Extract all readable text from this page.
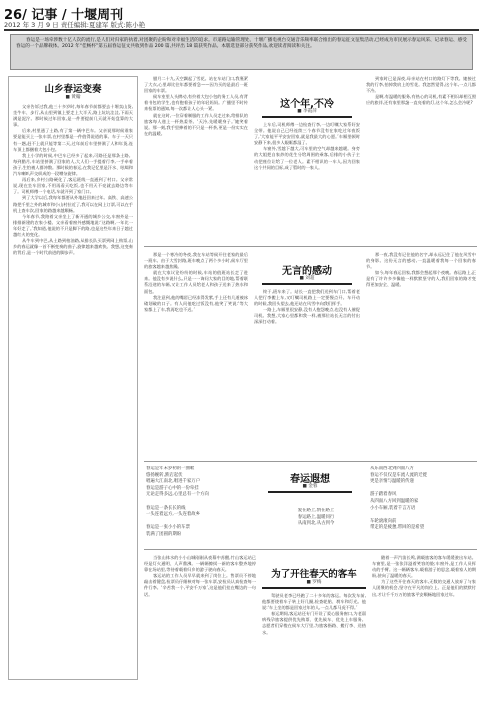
26/ 记事 / 十堰周刊
2012 年 3 月 9 日 责任编辑:夏建军 版式:陈小艳

春运是一场牵涉数十亿人次的流行,是人们对归家的执着,对团聚的企盼和对幸福生活的追求。市道路运输管理处、十堰广播电视台交通音乐频率联合推出的春运征文征集活动,已经成为市民展示春运风采、记录春运、感受春运的一个品牌载体。2012 年“佳畅杯”第五届春运征文共收到作品 200 篇,共评出 18 篇获奖作品。本版选登部分获奖作品,欢迎读者阅读和关注。

山乡春运变奏
■ 黄翰

父亲告诉过我,他三十多岁时,每年春节前都要去十堰卖山货,坐牛车、步行,从山里到镇上要走上大半天,路上坑坑洼洼,下雨天满是泥泞。那时候过年回家,是一件要提前几天就开始盘算的大事。

后来,村里通了土路,有了第一辆中巴车。父亲说那时候谁家要是能买上一张车票,在村里都是一件值得说道的事。车子一天只有一趟,赶不上就只能等第二天,过年前后车里挤满了人和年货,连车顶上都捆着大包小包。

我上小学的时候,中巴车已经多了起来,可路还是那条土路。每到腊月,车站里挤满了回家的人,大人们一手提着行李,一手牵着孩子,生怕被人群冲散。那时候的春运,在我记忆里是汗水、吆喝和汽车喇叭声交织成的一段嘈杂旋律。

再后来,乡村公路硬化了,客运班线一直通到了村口。父亲常说,现在坐车回家,不用再看天吃饭,也不用天不亮就去路边等车了。司机师傅一个电话,车就开到了家门口。

到了大学以后,我每年都要从外地赶回来过年。高铁、高速公路把千里之外的城市和小山村拉近了,我可以在网上订票,可以在手机上查车次,回家的路越来越顺畅。

今年春节,我陪着父亲坐上了新开通的城乡公交,车窗外是一排排新建的农家小楼。父亲看着窗外感慨地说:‘这路啊,一年比一年好走了。’我知道,他说的不只是脚下的路,也是这些年来日子越过越红火的变化。

从牛车到中巴,从土路到柏油路,从排长队买票到网上购票,山乡的春运就像一首不断变奏的曲子,旋律越来越欢快。我想,这变奏的背后,是一个时代前进的脚步声。

腊月二十九,天空飘起了雪花。站在车站门口,我裹紧了大衣,心里却比往年都要着急——因为买的是最后一班回家的车票。

候车室里人头攒动,有拎着大包小包的务工人员,有背着书包的学生,也有抱着孩子的年轻妈妈。广播里不时传来检票的通知,每一次都让人心头一紧。

就在这时,一位穿着制服的工作人员走过来,给排队的旅客每人递上一杯热姜茶。‘天冷,先暖暖身子。’她笑着说。那一刻,我手里捧着的不只是一杯茶,更是一份实实在在的温暖。

这个年,不冷
■ 李霞萍

上车后,司机师傅一边检查行李,一边叮嘱大家系好安全带。他说自己已经连续三个春节没有在家吃过年夜饭了,‘大家能平平安安回家,就是我最大的心愿。’车厢里顿时安静下来,很多人眼眶都湿了。

车窗外,雪越下越大,可车里的空气却越来越暖。身旁的大姐把自家炒的花生分给周围的乘客,后排的小伙子主动把座位让给了一位老人。素不相识的一车人,因为回家这个共同的目标,成了暂时的一家人。

到家时已是深夜,母亲站在村口的路灯下等我。她接过我的行李,拍掉我肩上的雪花。我忽然觉得,这个年,一点儿都不冷。

是啊,有温暖的服务,有热心的司机,有素不相识却相互照应的旅伴,还有家里那盏一直亮着的灯,这个年,怎么会冷呢?

那是一个寒冷的冬夜,我在车站等候开往老家的最后一班车。由于大雪封路,班车晚点了两个多小时,候车厅里的旅客越来越焦躁。

就在大家议论纷纷的时候,车站的值班站长走了进来。他没有多说什么,只是一一询问大家的目的地,帮着联系沿途的车辆,又让工作人员给老人和孩子送来了热水和面包。

我注意到,他的嘴唇已经冻得发紫,手上还有几道被冰碴划破的口子。有人问他吃过饭没有,他笑了笑说:‘等大家都上了车,我再吃也不迟。’

无言的感动
■ 刘超

终于,班车来了。站长一直把我们送到车门口,帮着老人把行李搬上车,又叮嘱司机路上一定要慢点开。车开动的时候,我回头望去,他还站在风雪中向我们挥手。

一路上,车厢里很安静,没有人抱怨晚点,也没有人催促司机。我想,大家心里都和我一样,被那位站长无言的付出深深打动着。

那一夜,我没有记住他的名字,却永远记住了他在风雪中的身影。这份无言的感动,一直温暖着我每一个回家的春节。

如今,每年春运回家,我都会想起那个夜晚。春运路上,正是有了许许多多像他一样默默坚守的人,我们回家的路才变得更加安全、温暖。

春运是年末岁初的一曲歌
悠扬婉转,跌宕起伏
唱遍大江南北,唱进千家万户
春运是游子心中的一份牵挂
无论走得多远,心里总有一个方向
春运是一条长长的线
一头连着远方,一头连着故乡
春运是一张小小的车票
装满了团圆的期盼
春运遐想
■ 金蓉
爱在路上,情在路上
春运路上,温暖同行
从南到北,从古到今
从东南西北到四面八方
春运不仅仅是车流人流的迁徙
更是亲情与温暖的传递
游子踏着春风
从四面八方回到温暖的家
小小车厢,装着千言万语
车轮滚滚向前
带走的是疲惫,带回的是希望

当张山体水的小小山城刚刚从夜幕中苏醒,竹山客运站已经是灯火通明、人声鼎沸。一辆辆擦拭一新的客车整齐地停靠在场站里,等待着载着归乡的游子驶向春天。

客运站的工作人员早早就来到了岗位上。售票员不停地敲击着键盘,检票员仔细核对每一张车票,安检员认真检查每一件行李。‘辛苦我一个,平安千万家’,这是他们挂在嘴边的一句话。

为了开往春天的客车
■ 罗梅

驾驶员老李已经跑了二十多年的客运。每次发车前,他都要绕着车子转上好几圈,检查轮胎、刹车和灯光。他说:‘车上坐的都是回家过年的人,一点儿都马虎不得。’

春运期间,客运站还专门开设了爱心服务窗口,为老弱病残孕旅客提供优先购票、优先候车、优先上车服务。志愿者们穿梭在候车大厅里,为旅客指路、搬行李、送热水。

随着一声汽笛长鸣,满载旅客的客车缓缓驶出车站。车窗里,是一张张洋溢着笑容的脸;车窗外,是工作人员挥动的手臂。这一辆辆客车,载着游子的思念,载着家人的期盼,驶向了温暖的春天。

为了这些开往春天的客车,无数的交通人放弃了与家人团聚的机会,坚守在平凡的岗位上。正是他们的默默付出,才让千千万万的旅客平安顺畅地回家过年。
